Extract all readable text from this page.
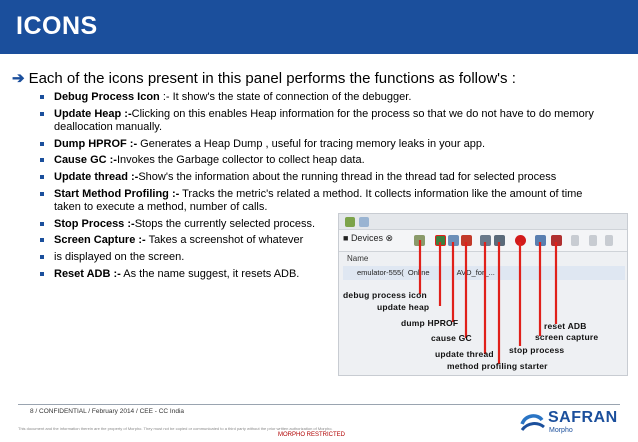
ICONS
➔ Each of the icons present in this panel performs the functions as follow's :
Debug Process Icon :- It show's the state of connection of the debugger.
Update Heap :-Clicking on this enables Heap information for the process so that we do not have to do memory deallocation manually.
Dump HPROF :- Generates a Heap Dump , useful for tracing memory leaks in your app.
Cause GC :-Invokes the Garbage collector to collect heap data.
Update thread :-Show's the information about the running thread in the thread tad for selected process
Start Method Profiling :- Tracks the metric's related a method. It collects information like the amount of time taken to execute a method, number of calls.
Stop Process :-Stops the currently selected process.
Screen Capture :- Takes a screenshot of whatever
is displayed on the screen.
Reset ADB :- As the name suggest, it resets ADB.
■ Devices ⊗
Name
emulator-555( Online	AVD_for_...
debug process icon
update heap
dump HPROF
cause GC
update thread
method profiling starter
stop process
screen capture
reset ADB
8 / CONFIDENTIAL / February 2014 / CEE - CC India
This document and the information therein are the property of Morpho. They must not be copied or communicated to a third party without the prior written authorization of Morpho.
MORPHO RESTRICTED
SAFRAN
Morpho
